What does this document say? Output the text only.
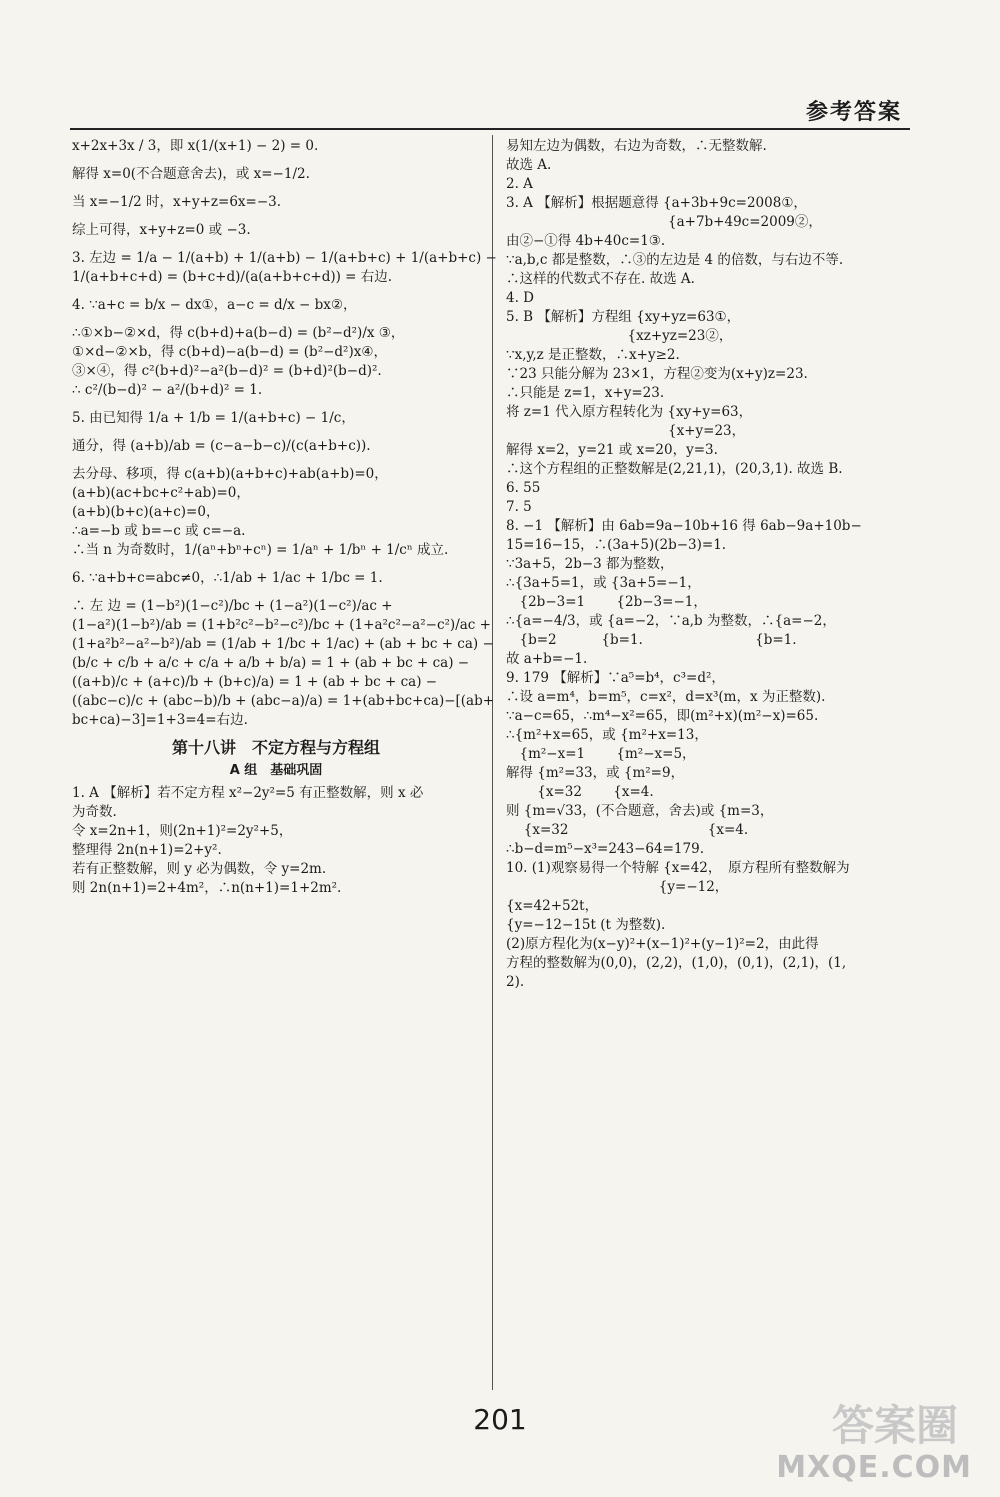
参考答案
x+2x+3x / 3，即 x(1/(x+1) − 2) = 0.
解得 x=0(不合题意舍去)，或 x=−1/2.
当 x=−1/2 时，x+y+z=6x=−3.
综上可得，x+y+z=0 或 −3.
3. 左边 = 1/a − 1/(a+b) + 1/(a+b) − 1/(a+b+c) + 1/(a+b+c) −
1/(a+b+c+d) = (b+c+d)/(a(a+b+c+d)) = 右边.
4. ∵a+c = b/x − dx①，a−c = d/x − bx②，
∴①×b−②×d，得 c(b+d)+a(b−d) = (b²−d²)/x ③，
①×d−②×b，得 c(b+d)−a(b−d) = (b²−d²)x④，
③×④，得 c²(b+d)²−a²(b−d)² = (b+d)²(b−d)².
∴ c²/(b−d)² − a²/(b+d)² = 1.
5. 由已知得 1/a + 1/b = 1/(a+b+c) − 1/c，
通分，得 (a+b)/ab = (c−a−b−c)/(c(a+b+c)).
去分母、移项，得 c(a+b)(a+b+c)+ab(a+b)=0，
(a+b)(ac+bc+c²+ab)=0，
(a+b)(b+c)(a+c)=0，
∴a=−b 或 b=−c 或 c=−a.
∴当 n 为奇数时，1/(aⁿ+bⁿ+cⁿ) = 1/aⁿ + 1/bⁿ + 1/cⁿ 成立.
6. ∵a+b+c=abc≠0，∴1/ab + 1/ac + 1/bc = 1.
∴ 左 边 = (1−b²)(1−c²)/bc + (1−a²)(1−c²)/ac +
(1−a²)(1−b²)/ab = (1+b²c²−b²−c²)/bc + (1+a²c²−a²−c²)/ac +
(1+a²b²−a²−b²)/ab = (1/ab + 1/bc + 1/ac) + (ab + bc + ca) −
(b/c + c/b + a/c + c/a + a/b + b/a) = 1 + (ab + bc + ca) −
((a+b)/c + (a+c)/b + (b+c)/a) = 1 + (ab + bc + ca) −
((abc−c)/c + (abc−b)/b + (abc−a)/a) = 1+(ab+bc+ca)−[(ab+
bc+ca)−3]=1+3=4=右边.
第十八讲　不定方程与方程组
A 组　基础巩固
1. A 【解析】若不定方程 x²−2y²=5 有正整数解，则 x 必
为奇数.
令 x=2n+1，则(2n+1)²=2y²+5，
整理得 2n(n+1)=2+y².
若有正整数解，则 y 必为偶数，令 y=2m.
则 2n(n+1)=2+4m²，∴n(n+1)=1+2m².
易知左边为偶数，右边为奇数，∴无整数解.
故选 A.
2. A
3. A 【解析】根据题意得 {a+3b+9c=2008①，
　　　　　　　　　　　　{a+7b+49c=2009②，
由②−①得 4b+40c=1③.
∵a,b,c 都是整数，∴③的左边是 4 的倍数，与右边不等.
∴这样的代数式不存在. 故选 A.
4. D
5. B 【解析】方程组 {xy+yz=63①，
　　　　　　　　　{xz+yz=23②，
∵x,y,z 是正整数，∴x+y≥2.
∵23 只能分解为 23×1，方程②变为(x+y)z=23.
∴只能是 z=1，x+y=23.
将 z=1 代入原方程转化为 {xy+y=63，
　　　　　　　　　　　　{x+y=23，
解得 x=2，y=21 或 x=20，y=3.
∴这个方程组的正整数解是(2,21,1)，(20,3,1). 故选 B.
6. 55
7. 5
8. −1 【解析】由 6ab=9a−10b+16 得 6ab−9a+10b−
15=16−15，∴(3a+5)(2b−3)=1.
∵3a+5，2b−3 都为整数，
∴{3a+5=1，或 {3a+5=−1，
　{2b−3=1　　 {2b−3=−1，
∴{a=−4/3，或 {a=−2，∵a,b 为整数，∴{a=−2，
　{b=2　　　 {b=1.　　　　　　　　 {b=1.
故 a+b=−1.
9. 179 【解析】∵a⁵=b⁴，c³=d²，
∴设 a=m⁴，b=m⁵，c=x²，d=x³(m，x 为正整数).
∵a−c=65，∴m⁴−x²=65，即(m²+x)(m²−x)=65.
∴{m²+x=65，或 {m²+x=13，
　{m²−x=1　　 {m²−x=5，
解得 {m²=33，或 {m²=9，
　　 {x=32　　 {x=4.
则 {m=√33，(不合题意，舍去)或 {m=3，
　 {x=32　　　　　　　　　　 {x=4.
∴b−d=m⁵−x³=243−64=179.
10. (1)观察易得一个特解 {x=42，　原方程所有整数解为
　　　　　　　　　　　 {y=−12，
{x=42+52t，
{y=−12−15t (t 为整数).
(2)原方程化为(x−y)²+(x−1)²+(y−1)²=2，由此得
方程的整数解为(0,0)，(2,2)，(1,0)，(0,1)，(2,1)，(1,
2).
201	答案圈
MXQE.COM
